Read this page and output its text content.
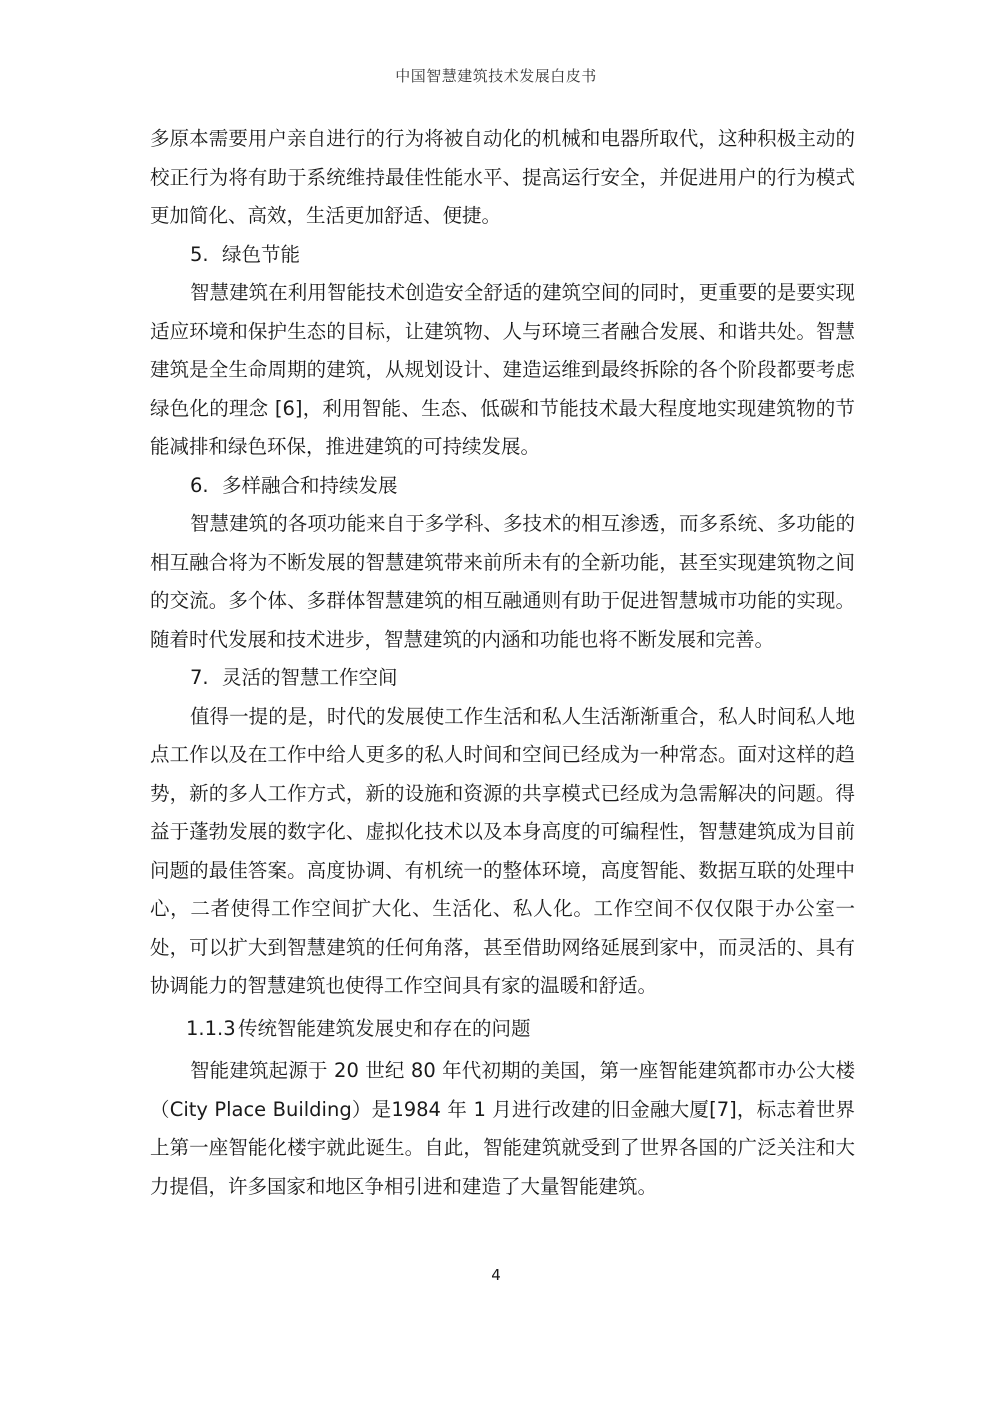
中国智慧建筑技术发展白皮书

多原本需要用户亲自进行的行为将被自动化的机械和电器所取代，这种积极主动的校正行为将有助于系统维持最佳性能水平、提高运行安全，并促进用户的行为模式更加简化、高效，生活更加舒适、便捷。

5. 绿色节能

智慧建筑在利用智能技术创造安全舒适的建筑空间的同时，更重要的是要实现适应环境和保护生态的目标，让建筑物、人与环境三者融合发展、和谐共处。智慧建筑是全生命周期的建筑，从规划设计、建造运维到最终拆除的各个阶段都要考虑绿色化的理念 [6]，利用智能、生态、低碳和节能技术最大程度地实现建筑物的节能减排和绿色环保，推进建筑的可持续发展。

6. 多样融合和持续发展

智慧建筑的各项功能来自于多学科、多技术的相互渗透，而多系统、多功能的相互融合将为不断发展的智慧建筑带来前所未有的全新功能，甚至实现建筑物之间的交流。多个体、多群体智慧建筑的相互融通则有助于促进智慧城市功能的实现。随着时代发展和技术进步，智慧建筑的内涵和功能也将不断发展和完善。

7. 灵活的智慧工作空间

值得一提的是，时代的发展使工作生活和私人生活渐渐重合，私人时间私人地点工作以及在工作中给人更多的私人时间和空间已经成为一种常态。面对这样的趋势，新的多人工作方式，新的设施和资源的共享模式已经成为急需解决的问题。得益于蓬勃发展的数字化、虚拟化技术以及本身高度的可编程性，智慧建筑成为目前问题的最佳答案。高度协调、有机统一的整体环境，高度智能、数据互联的处理中心，二者使得工作空间扩大化、生活化、私人化。工作空间不仅仅限于办公室一处，可以扩大到智慧建筑的任何角落，甚至借助网络延展到家中，而灵活的、具有协调能力的智慧建筑也使得工作空间具有家的温暖和舒适。

1.1.3 传统智能建筑发展史和存在的问题

智能建筑起源于 20 世纪 80 年代初期的美国，第一座智能建筑都市办公大楼（City Place Building）是1984 年 1 月进行改建的旧金融大厦[7]，标志着世界上第一座智能化楼宇就此诞生。自此，智能建筑就受到了世界各国的广泛关注和大力提倡，许多国家和地区争相引进和建造了大量智能建筑。

4
